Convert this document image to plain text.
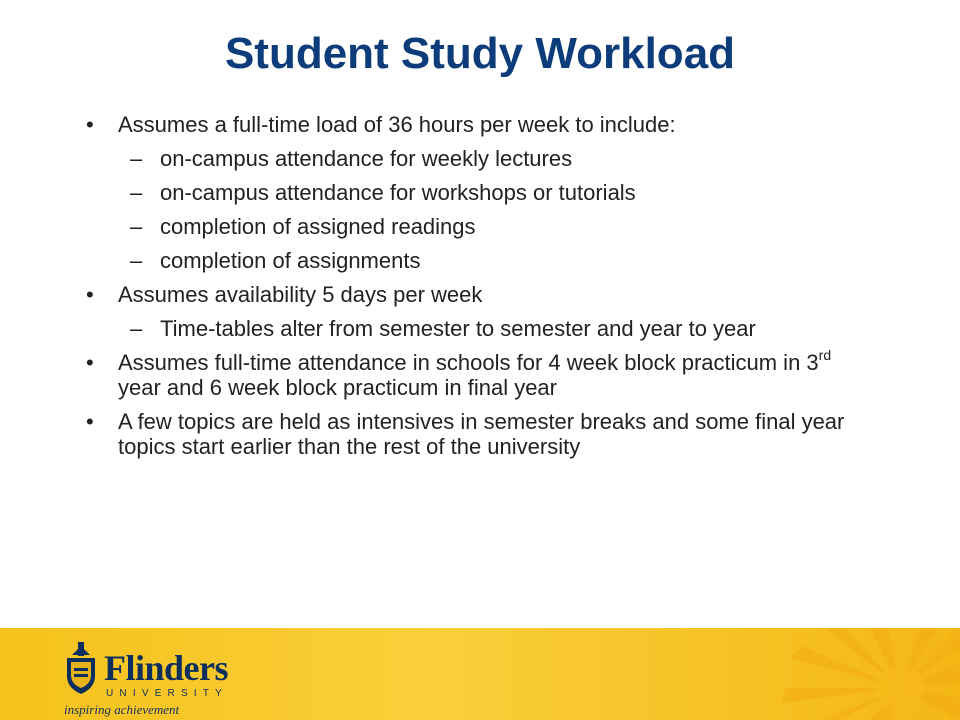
Student Study Workload
• Assumes a full-time load of 36 hours per week to include:
– on-campus attendance for weekly lectures
– on-campus attendance for workshops or tutorials
– completion of assigned readings
– completion of assignments
• Assumes availability 5 days per week
– Time-tables alter from semester to semester and year to year
• Assumes full-time attendance in schools for 4 week block practicum in 3rd year and 6 week block practicum in final year
• A few topics are held as intensives in semester breaks and some final year topics start earlier than the rest of the university
Flinders
UNIVERSITY
inspiring achievement
